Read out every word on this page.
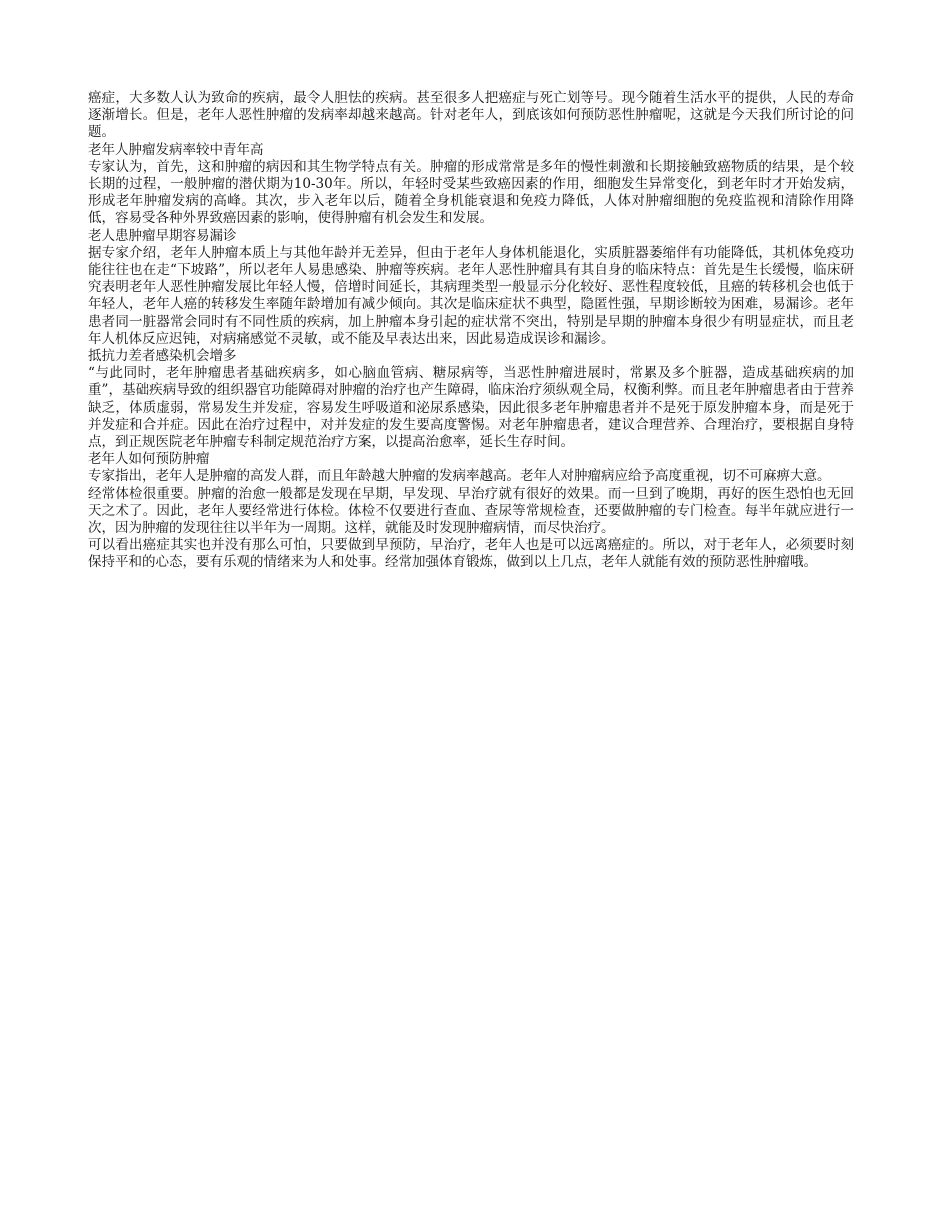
癌症，大多数人认为致命的疾病，最令人胆怯的疾病。甚至很多人把癌症与死亡划等号。现今随着生活水平的提供，人民的寿命逐渐增长。但是，老年人恶性肿瘤的发病率却越来越高。针对老年人，到底该如何预防恶性肿瘤呢，这就是今天我们所讨论的问题。

老年人肿瘤发病率较中青年高

专家认为，首先，这和肿瘤的病因和其生物学特点有关。肿瘤的形成常常是多年的慢性刺激和长期接触致癌物质的结果，是个较长期的过程，一般肿瘤的潜伏期为10-30年。所以，年轻时受某些致癌因素的作用，细胞发生异常变化，到老年时才开始发病，形成老年肿瘤发病的高峰。其次，步入老年以后，随着全身机能衰退和免疫力降低，人体对肿瘤细胞的免疫监视和清除作用降低，容易受各种外界致癌因素的影响，使得肿瘤有机会发生和发展。

老人患肿瘤早期容易漏诊

据专家介绍，老年人肿瘤本质上与其他年龄并无差异，但由于老年人身体机能退化，实质脏器萎缩伴有功能降低，其机体免疫功能往往也在走“下坡路”，所以老年人易患感染、肿瘤等疾病。老年人恶性肿瘤具有其自身的临床特点：首先是生长缓慢，临床研究表明老年人恶性肿瘤发展比年轻人慢，倍增时间延长，其病理类型一般显示分化较好、恶性程度较低，且癌的转移机会也低于年轻人，老年人癌的转移发生率随年龄增加有减少倾向。其次是临床症状不典型，隐匿性强，早期诊断较为困难，易漏诊。老年患者同一脏器常会同时有不同性质的疾病，加上肿瘤本身引起的症状常不突出，特别是早期的肿瘤本身很少有明显症状，而且老年人机体反应迟钝，对病痛感觉不灵敏，或不能及早表达出来，因此易造成误诊和漏诊。

抵抗力差者感染机会增多

“与此同时，老年肿瘤患者基础疾病多，如心脑血管病、糖尿病等，当恶性肿瘤进展时，常累及多个脏器，造成基础疾病的加重”，基础疾病导致的组织器官功能障碍对肿瘤的治疗也产生障碍，临床治疗须纵观全局，权衡利弊。而且老年肿瘤患者由于营养缺乏，体质虚弱，常易发生并发症，容易发生呼吸道和泌尿系感染，因此很多老年肿瘤患者并不是死于原发肿瘤本身，而是死于并发症和合并症。因此在治疗过程中，对并发症的发生要高度警惕。对老年肿瘤患者，建议合理营养、合理治疗，要根据自身特点，到正规医院老年肿瘤专科制定规范治疗方案，以提高治愈率，延长生存时间。

老年人如何预防肿瘤

专家指出，老年人是肿瘤的高发人群，而且年龄越大肿瘤的发病率越高。老年人对肿瘤病应给予高度重视，切不可麻痹大意。

经常体检很重要。肿瘤的治愈一般都是发现在早期，早发现、早治疗就有很好的效果。而一旦到了晚期，再好的医生恐怕也无回天之术了。因此，老年人要经常进行体检。体检不仅要进行查血、查尿等常规检查，还要做肿瘤的专门检查。每半年就应进行一次，因为肿瘤的发现往往以半年为一周期。这样，就能及时发现肿瘤病情，而尽快治疗。

可以看出癌症其实也并没有那么可怕，只要做到早预防，早治疗，老年人也是可以远离癌症的。所以，对于老年人，必须要时刻保持平和的心态，要有乐观的情绪来为人和处事。经常加强体育锻炼，做到以上几点，老年人就能有效的预防恶性肿瘤哦。
